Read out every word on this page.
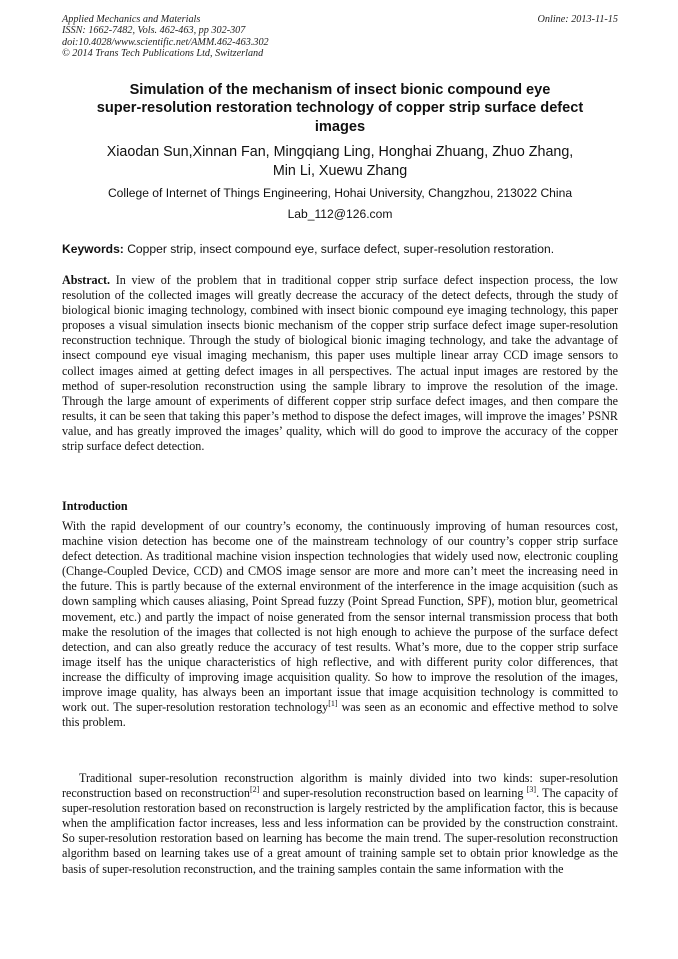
Applied Mechanics and Materials
ISSN: 1662-7482, Vols. 462-463, pp 302-307
doi:10.4028/www.scientific.net/AMM.462-463.302
© 2014 Trans Tech Publications Ltd, Switzerland
Online: 2013-11-15
Simulation of the mechanism of insect bionic compound eye
super-resolution restoration technology of copper strip surface defect
images
Xiaodan Sun,Xinnan Fan, Mingqiang Ling, Honghai Zhuang, Zhuo Zhang,
Min Li, Xuewu Zhang
College of Internet of Things Engineering, Hohai University, Changzhou, 213022 China
Lab_112@126.com
Keywords: Copper strip, insect compound eye, surface defect, super-resolution restoration.

Abstract. In view of the problem that in traditional copper strip surface defect inspection process, the low resolution of the collected images will greatly decrease the accuracy of the detect defects, through the study of biological bionic imaging technology, combined with insect bionic compound eye imaging technology, this paper proposes a visual simulation insects bionic mechanism of the copper strip surface defect image super-resolution reconstruction technique. Through the study of biological bionic imaging technology, and take the advantage of insect compound eye visual imaging mechanism, this paper uses multiple linear array CCD image sensors to collect images aimed at getting defect images in all perspectives. The actual input images are restored by the method of super-resolution reconstruction using the sample library to improve the resolution of the image. Through the large amount of experiments of different copper strip surface defect images, and then compare the results, it can be seen that taking this paper’s method to dispose the defect images, will improve the images’ PSNR value, and has greatly improved the images’ quality, which will do good to improve the accuracy of the copper strip surface defect detection.

Introduction

With the rapid development of our country’s economy, the continuously improving of human resources cost, machine vision detection has become one of the mainstream technology of our country’s copper strip surface defect detection. As traditional machine vision inspection technologies that widely used now, electronic coupling (Change-Coupled Device, CCD) and CMOS image sensor are more and more can’t meet the increasing need in the future. This is partly because of the external environment of the interference in the image acquisition (such as down sampling which causes aliasing, Point Spread fuzzy (Point Spread Function, SPF), motion blur, geometrical movement, etc.) and partly the impact of noise generated from the sensor internal transmission process that both make the resolution of the images that collected is not high enough to achieve the purpose of the surface defect detection, and can also greatly reduce the accuracy of test results. What’s more, due to the copper strip surface image itself has the unique characteristics of high reflective, and with different purity color differences, that increase the difficulty of improving image acquisition quality. So how to improve the resolution of the images, improve image quality, has always been an important issue that image acquisition technology is committed to work out. The super-resolution restoration technology[1] was seen as an economic and effective method to solve this problem.

Traditional super-resolution reconstruction algorithm is mainly divided into two kinds: super-resolution reconstruction based on reconstruction[2] and super-resolution reconstruction based on learning [3]. The capacity of super-resolution restoration based on reconstruction is largely restricted by the amplification factor, this is because when the amplification factor increases, less and less information can be provided by the construction constraint. So super-resolution restoration based on learning has become the main trend. The super-resolution reconstruction algorithm based on learning takes use of a great amount of training sample set to obtain prior knowledge as the basis of super-resolution reconstruction, and the training samples contain the same information with the
